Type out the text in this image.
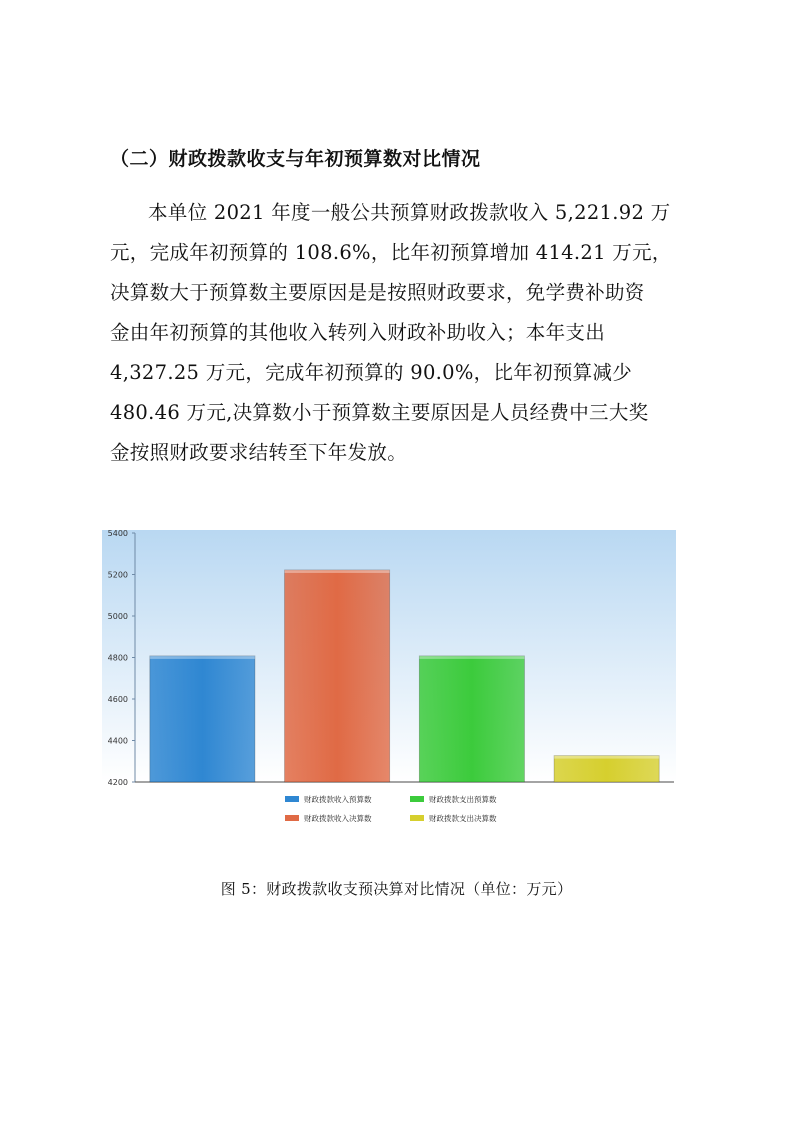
（二）财政拨款收支与年初预算数对比情况
本单位 2021 年度一般公共预算财政拨款收入 5,221.92 万
元，完成年初预算的 108.6%，比年初预算增加 414.21 万元，
决算数大于预算数主要原因是是按照财政要求，免学费补助资
金由年初预算的其他收入转列入财政补助收入；本年支出
4,327.25 万元，完成年初预算的 90.0%，比年初预算减少
480.46 万元,决算数小于预算数主要原因是人员经费中三大奖
金按照财政要求结转至下年发放。
5400
5200
5000
4800
4600
4400
4200
财政拨款收入预算数	财政拨款支出预算数
财政拨款收入决算数	财政拨款支出决算数
图 5：财政拨款收支预决算对比情况（单位：万元）
